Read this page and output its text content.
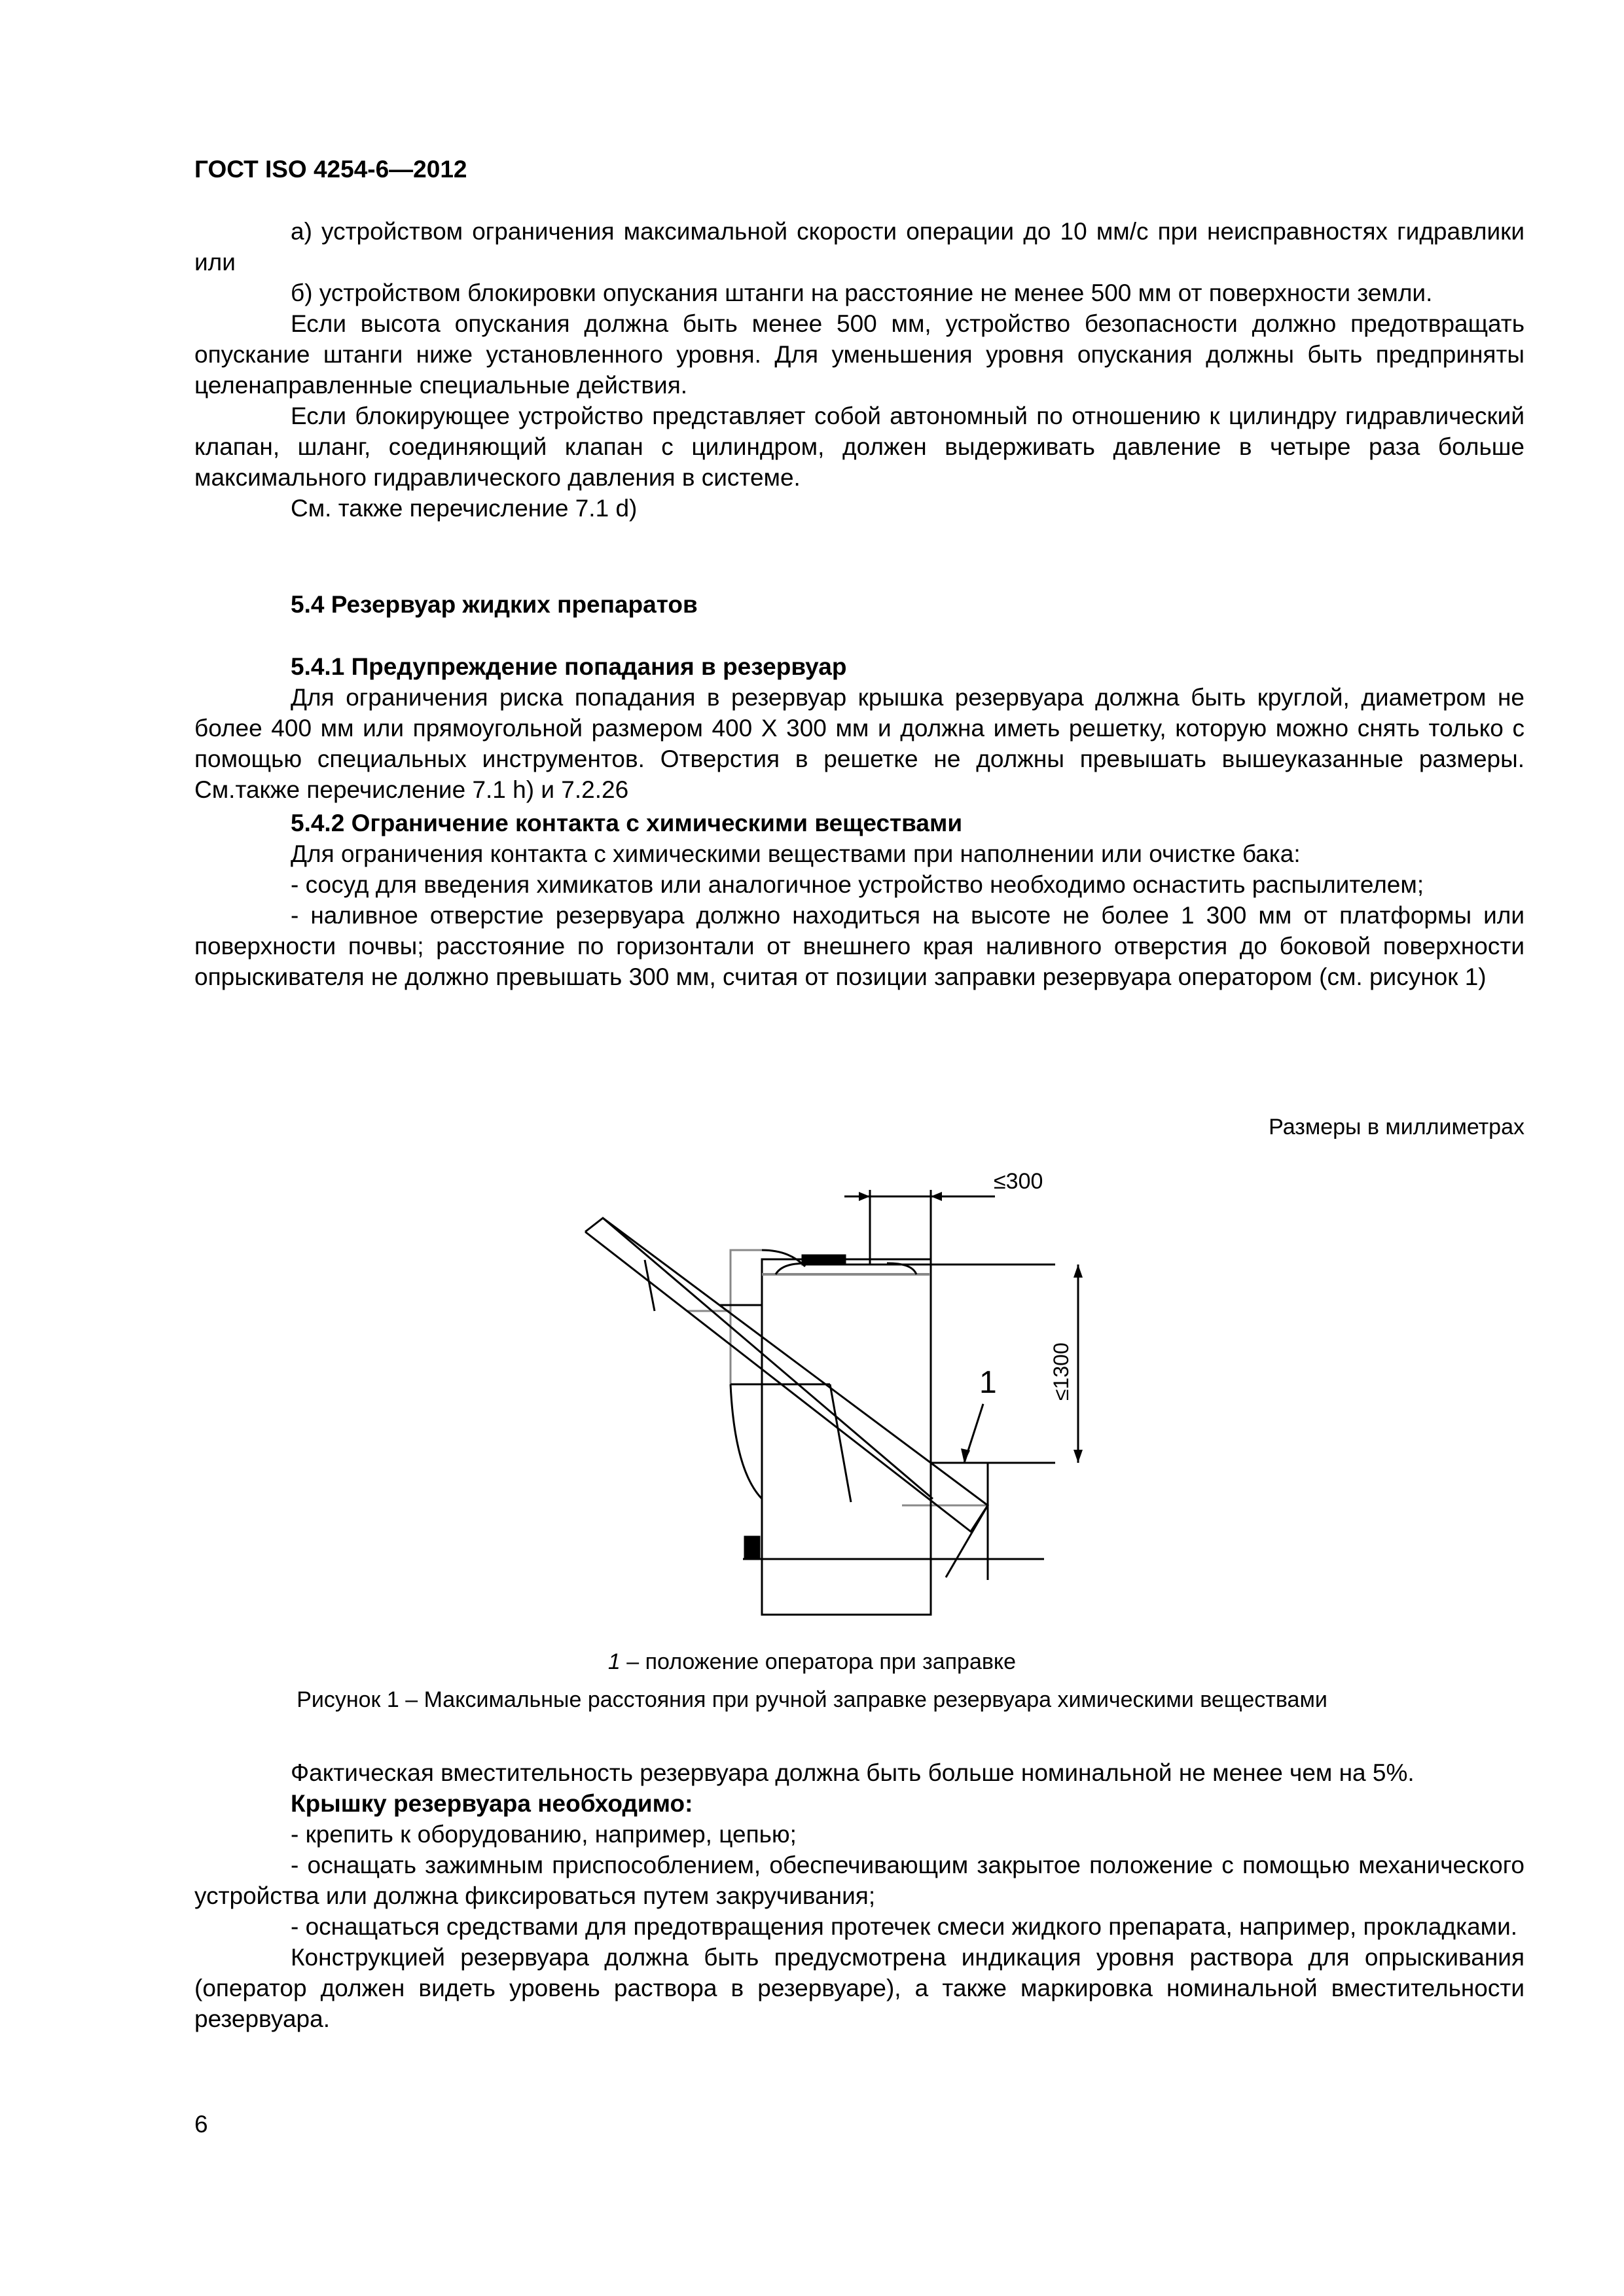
ГОСТ ISO 4254-6—2012

а) устройством ограничения максимальной скорости операции до 10 мм/с при неисправностях гидравлики или

б) устройством блокировки опускания штанги на расстояние не менее 500 мм от поверхности земли.

Если высота опускания должна быть менее 500 мм, устройство безопасности должно предотвращать опускание штанги ниже установленного уровня. Для уменьшения уровня опускания должны быть предприняты целенаправленные специальные действия.

Если блокирующее устройство представляет собой автономный по отношению к цилиндру гидравлический клапан, шланг, соединяющий клапан с цилиндром, должен выдерживать давление в четыре раза больше максимального гидравлического давления в системе.

См. также перечисление 7.1 d)

5.4 Резервуар жидких препаратов

5.4.1 Предупреждение попадания в резервуар

Для ограничения риска попадания в резервуар крышка резервуара должна быть круглой, диаметром не более 400 мм или прямоугольной размером 400 X 300 мм и должна иметь решетку, которую можно снять только с помощью специальных инструментов. Отверстия в решетке не должны превышать вышеуказанные размеры. См.также перечисление 7.1 h) и 7.2.26

5.4.2 Ограничение контакта с химическими веществами

Для ограничения контакта с химическими веществами при наполнении или очистке бака:

- сосуд для введения химикатов или аналогичное устройство необходимо оснастить распылителем;

- наливное отверстие резервуара должно находиться на высоте не более 1 300 мм от платформы или поверхности почвы; расстояние по горизонтали от внешнего края наливного отверстия до боковой поверхности опрыскивателя не должно превышать 300 мм, считая от позиции заправки резервуара оператором (см. рисунок 1)

Размеры в миллиметрах
≤300
≤1300
1
1 – положение оператора при заправке
Рисунок 1 – Максимальные расстояния при ручной заправке резервуара химическими веществами

Фактическая вместительность резервуара должна быть больше номинальной не менее чем на 5%.

Крышку резервуара необходимо:

- крепить к оборудованию, например, цепью;

- оснащать зажимным приспособлением, обеспечивающим закрытое положение с помощью механического устройства или должна фиксироваться путем закручивания;

- оснащаться средствами для предотвращения протечек смеси жидкого препарата, например, прокладками.

Конструкцией резервуара должна быть предусмотрена индикация уровня раствора для опрыскивания (оператор должен видеть уровень раствора в резервуаре), а также маркировка номинальной вместительности резервуара.

6
